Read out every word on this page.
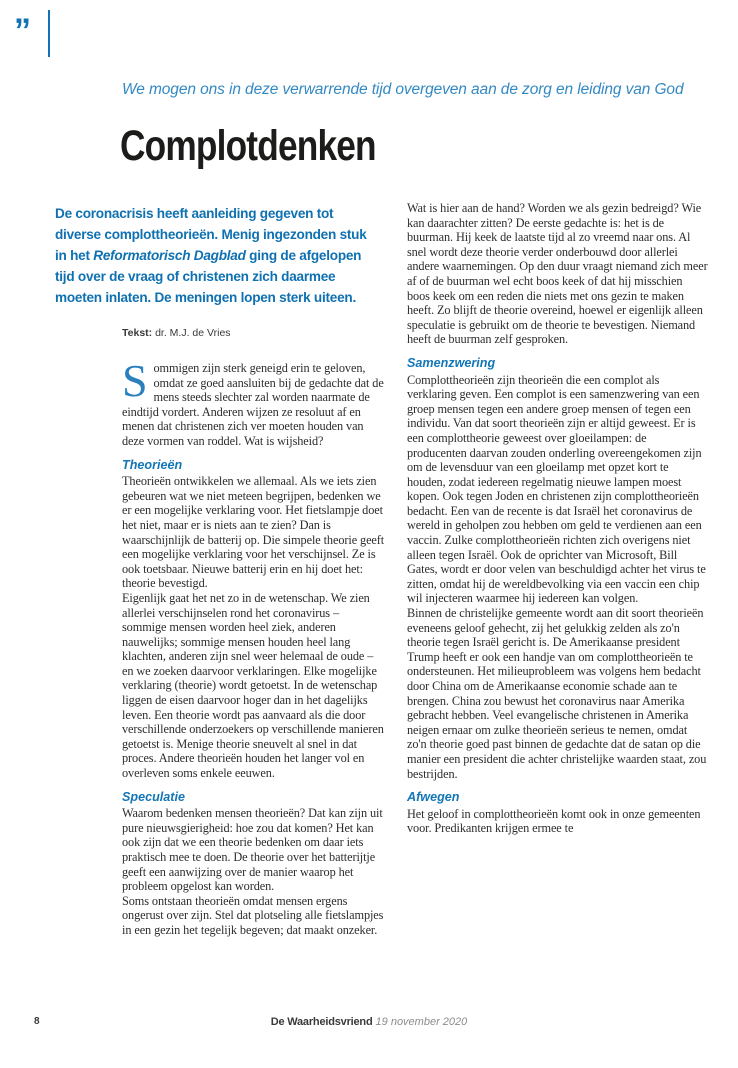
”
We mogen ons in deze verwarrende tijd overgeven aan de zorg en leiding van God
Complotdenken

De coronacrisis heeft aanleiding gegeven tot diverse complottheorieën. Menig ingezonden stuk in het Reformatorisch Dagblad ging de afgelopen tijd over de vraag of christenen zich daarmee moeten inlaten. De meningen lopen sterk uiteen.

Tekst: dr. M.J. de Vries

Sommigen zijn sterk geneigd erin te geloven, omdat ze goed aansluiten bij de gedachte dat de mens steeds slechter zal worden naarmate de eindtijd vordert. Anderen wijzen ze resoluut af en menen dat christenen zich ver moeten houden van deze vormen van roddel. Wat is wijsheid?

Theorieën

Theorieën ontwikkelen we allemaal. Als we iets zien gebeuren wat we niet meteen begrijpen, bedenken we er een mogelijke verklaring voor. Het fietslampje doet het niet, maar er is niets aan te zien? Dan is waarschijnlijk de batterij op. Die simpele theorie geeft een mogelijke verklaring voor het verschijnsel. Ze is ook toetsbaar. Nieuwe batterij erin en hij doet het: theorie bevestigd.

Eigenlijk gaat het net zo in de wetenschap. We zien allerlei verschijnselen rond het coronavirus – sommige mensen worden heel ziek, anderen nauwelijks; sommige mensen houden heel lang klachten, anderen zijn snel weer helemaal de oude – en we zoeken daarvoor verklaringen. Elke mogelijke verklaring (theorie) wordt getoetst. In de wetenschap liggen de eisen daarvoor hoger dan in het dagelijks leven. Een theorie wordt pas aanvaard als die door verschillende onderzoekers op verschillende manieren getoetst is. Menige theorie sneuvelt al snel in dat proces. Andere theorieën houden het langer vol en overleven soms enkele eeuwen.

Speculatie

Waarom bedenken mensen theorieën? Dat kan zijn uit pure nieuwsgierigheid: hoe zou dat komen? Het kan ook zijn dat we een theorie bedenken om daar iets praktisch mee te doen. De theorie over het batterijtje geeft een aanwijzing over de manier waarop het probleem opgelost kan worden.

Soms ontstaan theorieën omdat mensen ergens ongerust over zijn. Stel dat plotseling alle fietslampjes in een gezin het tegelijk begeven; dat maakt onzeker.

Wat is hier aan de hand? Worden we als gezin bedreigd? Wie kan daarachter zitten? De eerste gedachte is: het is de buurman. Hij keek de laatste tijd al zo vreemd naar ons. Al snel wordt deze theorie verder onderbouwd door allerlei andere waarnemingen. Op den duur vraagt niemand zich meer af of de buurman wel echt boos keek of dat hij misschien boos keek om een reden die niets met ons gezin te maken heeft. Zo blijft de theorie overeind, hoewel er eigenlijk alleen speculatie is gebruikt om de theorie te bevestigen. Niemand heeft de buurman zelf gesproken.

Samenzwering

Complottheorieën zijn theorieën die een complot als verklaring geven. Een complot is een samenzwering van een groep mensen tegen een andere groep mensen of tegen een individu. Van dat soort theorieën zijn er altijd geweest. Er is een complottheorie geweest over gloeilampen: de producenten daarvan zouden onderling overeengekomen zijn om de levensduur van een gloeilamp met opzet kort te houden, zodat iedereen regelmatig nieuwe lampen moest kopen. Ook tegen Joden en christenen zijn complottheorieën bedacht. Een van de recente is dat Israël het coronavirus de wereld in geholpen zou hebben om geld te verdienen aan een vaccin. Zulke complottheorieën richten zich overigens niet alleen tegen Israël. Ook de oprichter van Microsoft, Bill Gates, wordt er door velen van beschuldigd achter het virus te zitten, omdat hij de wereldbevolking via een vaccin een chip wil injecteren waarmee hij iedereen kan volgen.

Binnen de christelijke gemeente wordt aan dit soort theorieën eveneens geloof gehecht, zij het gelukkig zelden als zo'n theorie tegen Israël gericht is. De Amerikaanse president Trump heeft er ook een handje van om complottheorieën te ondersteunen. Het milieuprobleem was volgens hem bedacht door China om de Amerikaanse economie schade aan te brengen. China zou bewust het coronavirus naar Amerika gebracht hebben. Veel evangelische christenen in Amerika neigen ernaar om zulke theorieën serieus te nemen, omdat zo'n theorie goed past binnen de gedachte dat de satan op die manier een president die achter christelijke waarden staat, zou bestrijden.

Afwegen

Het geloof in complottheorieën komt ook in onze gemeenten voor. Predikanten krijgen ermee te

8	De Waarheidsvriend 19 november 2020
